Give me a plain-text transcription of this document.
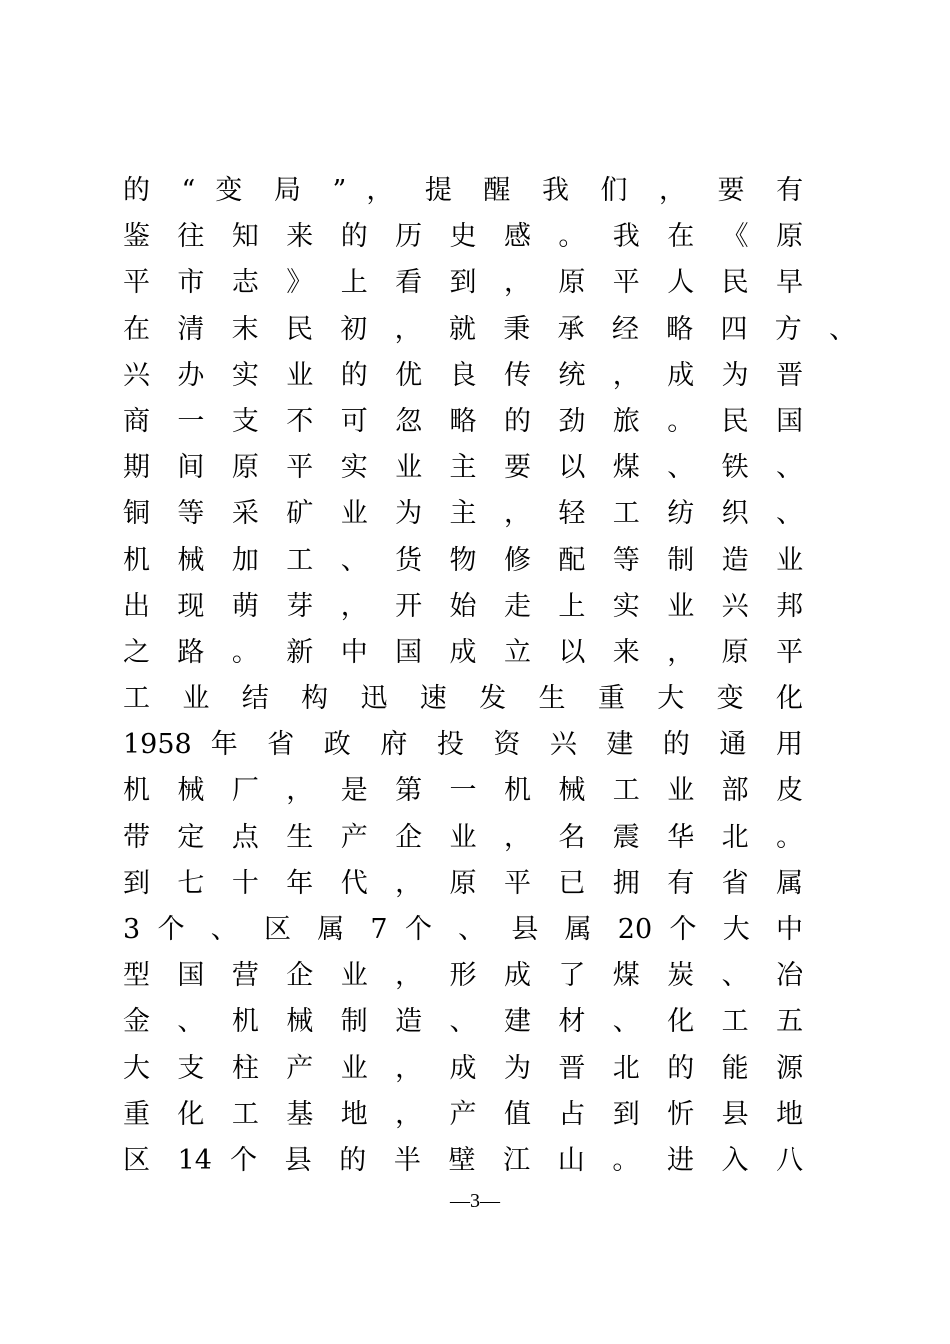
的 “ 变 局 ” ， 提 醒 我 们 ， 要 有
鉴 往 知 来 的 历 史 感 。 我 在 《 原
平 市 志 》 上 看 到 ， 原 平 人 民 早
在 清 末 民 初 ， 就 秉 承 经 略 四 方 、
兴 办 实 业 的 优 良 传 统 ， 成 为 晋
商 一 支 不 可 忽 略 的 劲 旅 。 民 国
期 间 原 平 实 业 主 要 以 煤 、 铁 、
铜 等 采 矿 业 为 主 ， 轻 工 纺 织 、
机 械 加 工 、 货 物 修 配 等 制 造 业
出 现 萌 芽 ， 开 始 走 上 实 业 兴 邦
之 路 。 新 中 国 成 立 以 来 ， 原 平
工 业 结 构 迅 速 发 生 重 大 变 化
1958 年 省 政 府 投 资 兴 建 的 通 用
机 械 厂 ， 是 第 一 机 械 工 业 部 皮
带 定 点 生 产 企 业 ， 名 震 华 北 。
到 七 十 年 代 ， 原 平 已 拥 有 省 属
3 个 、 区 属 7 个 、 县 属 20 个 大 中
型 国 营 企 业 ， 形 成 了 煤 炭 、 冶
金 、 机 械 制 造 、 建 材 、 化 工 五
大 支 柱 产 业 ， 成 为 晋 北 的 能 源
重 化 工 基 地 ， 产 值 占 到 忻 县 地
区 14 个 县 的 半 壁 江 山 。 进 入 八
—3—
